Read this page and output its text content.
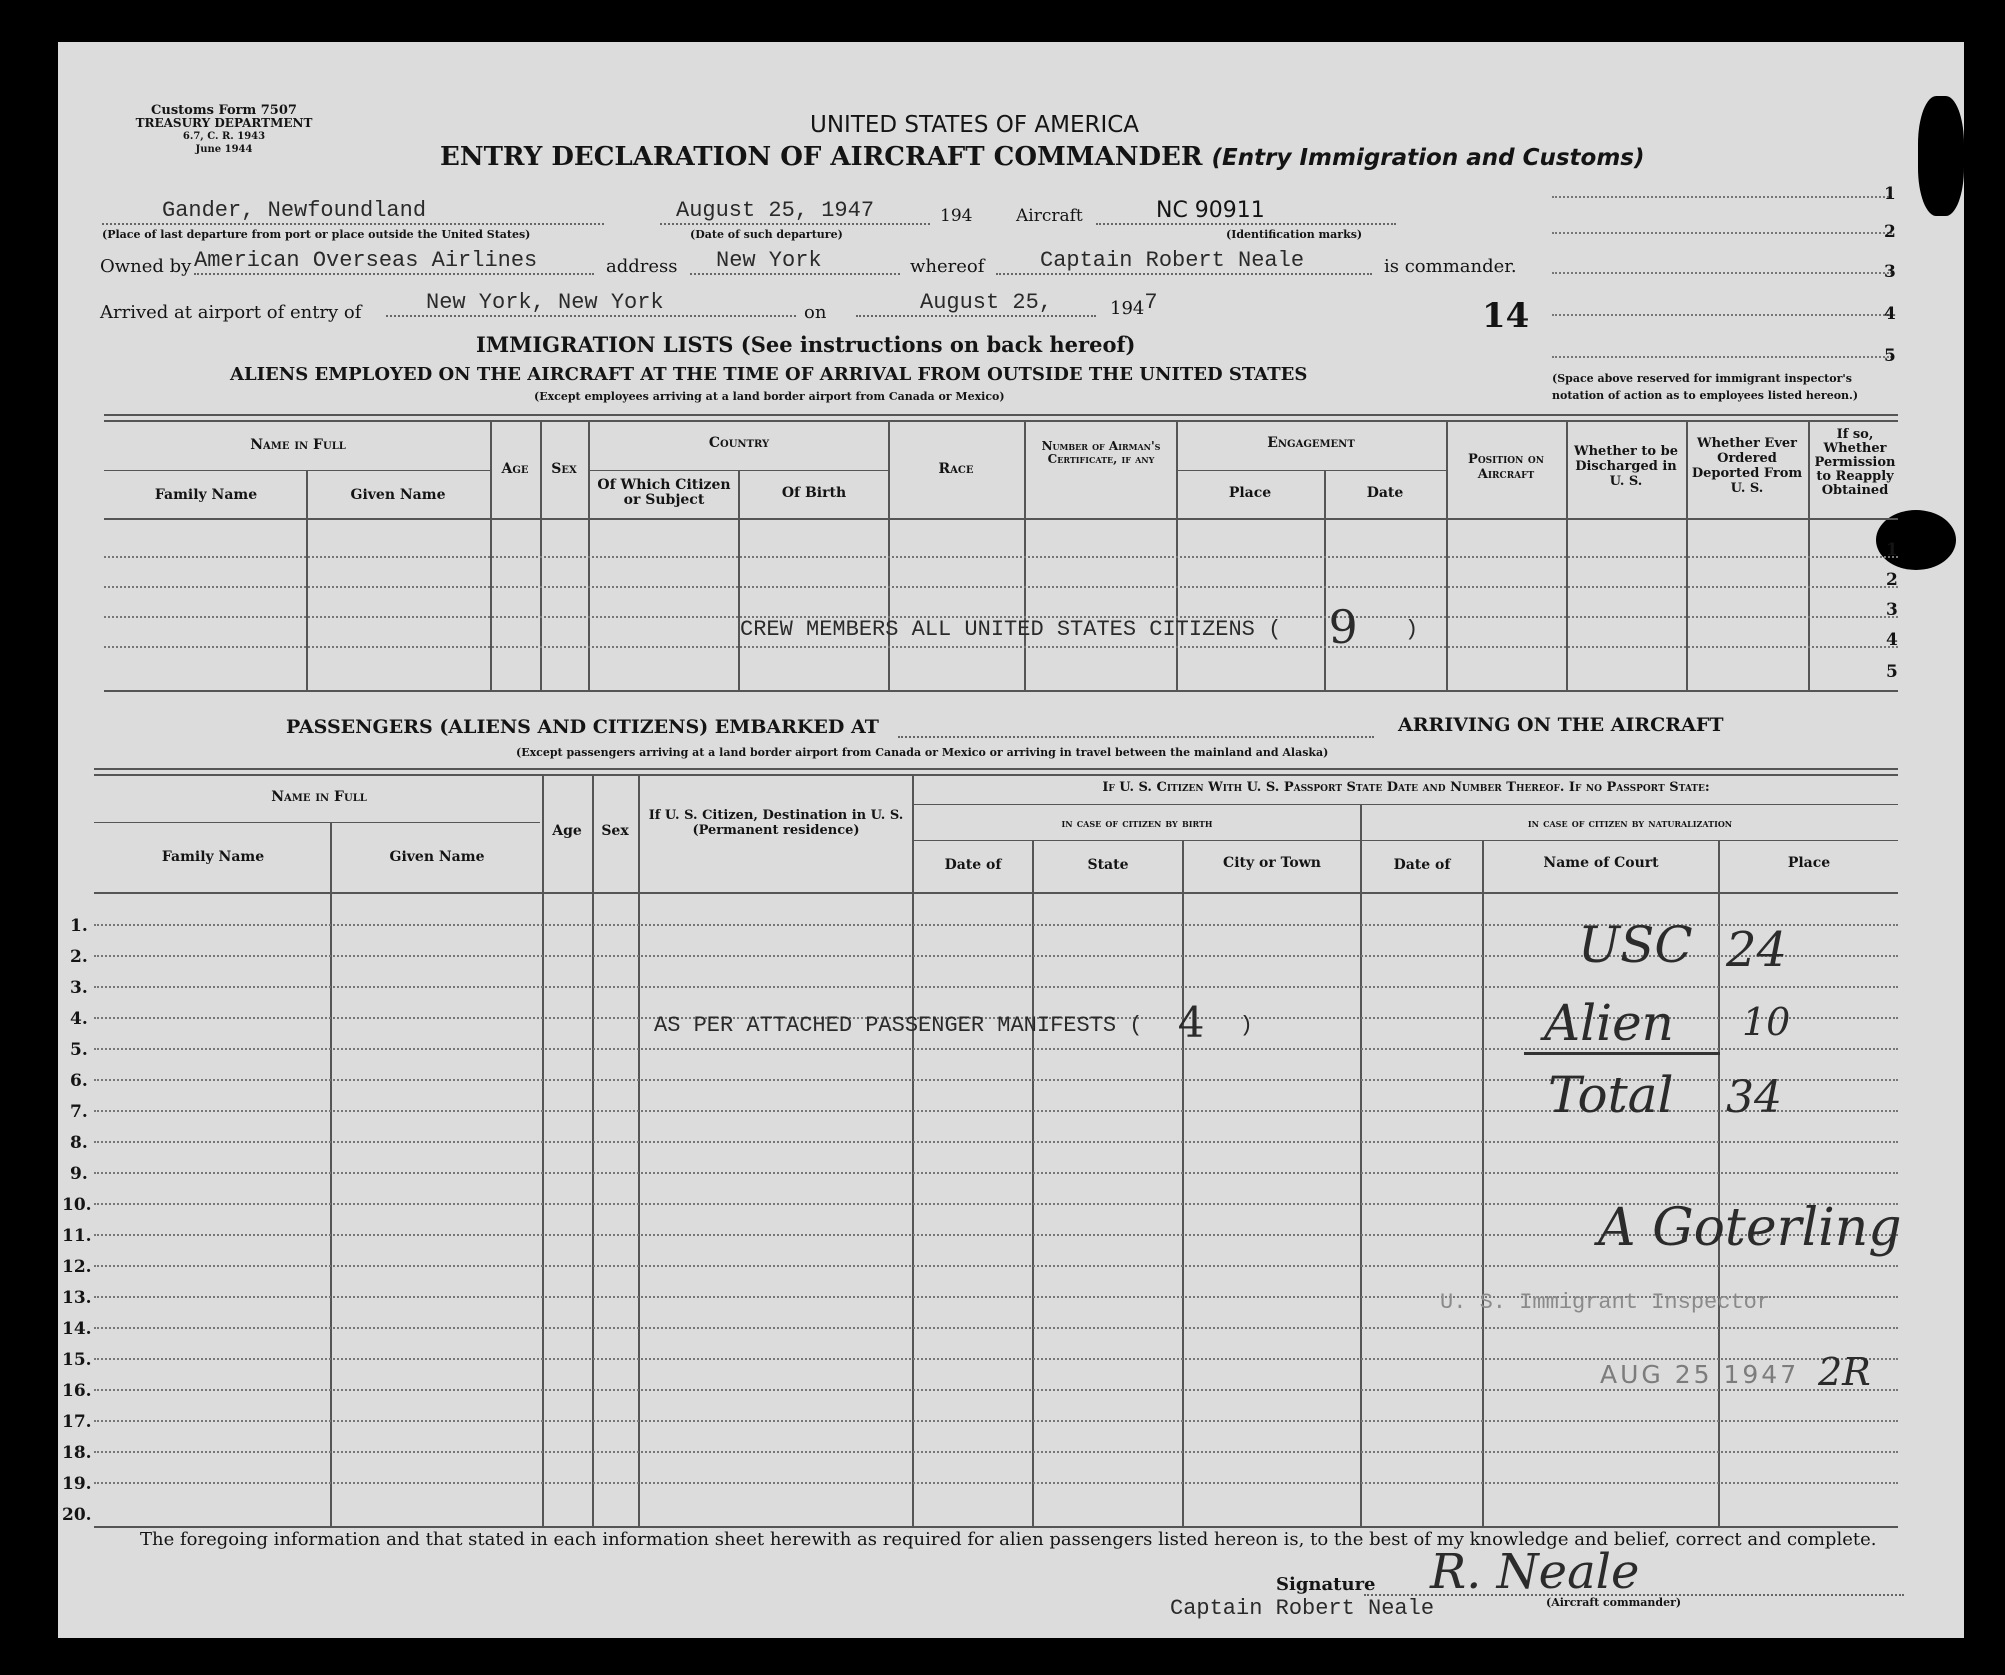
Customs Form 7507
TREASURY DEPARTMENT
6.7, C. R. 1943
June 1944
UNITED STATES OF AMERICA
ENTRY DECLARATION OF AIRCRAFT COMMANDER (Entry Immigration and Customs)
Gander, Newfoundland
(Place of last departure from port or place outside the United States)
August 25, 1947	194
(Date of such departure)
Aircraft	NC 90911
(Identification marks)
Owned by American Overseas Airlines	address	New York	whereof	Captain Robert Neale	is commander.
Arrived at airport of entry of	New York, New York	on	August 25,	1947	14
1
2
3
4
5
(Space above reserved for immigrant inspector's notation of action as to employees listed hereon.)
IMMIGRATION LISTS (See instructions on back hereof)
ALIENS EMPLOYED ON THE AIRCRAFT AT THE TIME OF ARRIVAL FROM OUTSIDE THE UNITED STATES
(Except employees arriving at a land border airport from Canada or Mexico)
Name in Full
Family Name	Given Name
Age	Sex
Country
Of Which Citizen or Subject	Of Birth
Race
Number of Airman's Certificate, if any
Engagement
Place	Date
Position on Aircraft
Whether to be Discharged in U. S.
Whether Ever Ordered Deported From U. S.
If so, Whether Permission to Reapply Obtained
1
2
3
4
5
CREW MEMBERS ALL UNITED STATES CITIZENS ( 9 )
PASSENGERS (ALIENS AND CITIZENS) EMBARKED AT	ARRIVING ON THE AIRCRAFT
(Except passengers arriving at a land border airport from Canada or Mexico or arriving in travel between the mainland and Alaska)
Name in Full
Family Name	Given Name
Age	Sex
If U. S. Citizen, Destination in U. S. (Permanent residence)
If U. S. Citizen With U. S. Passport State Date and Number Thereof. If no Passport State:
in case of citizen by birth	in case of citizen by naturalization
Date of	State	City or Town	Date of	Name of Court	Place
1.
2.
3.
4.
5.
6.
7.
8.
9.
10.
11.
12.
13.
14.
15.
16.
17.
18.
19.
20.
AS PER ATTACHED PASSENGER MANIFESTS ( 4 )
USC 24
Alien 10
Total 34
A Goterling
U. S. Immigrant Inspector
AUG 25 1947 2R
The foregoing information and that stated in each information sheet herewith as required for alien passengers listed hereon is, to the best of my knowledge and belief, correct and complete.
Signature R. Neale
(Aircraft commander)
Captain Robert Neale
